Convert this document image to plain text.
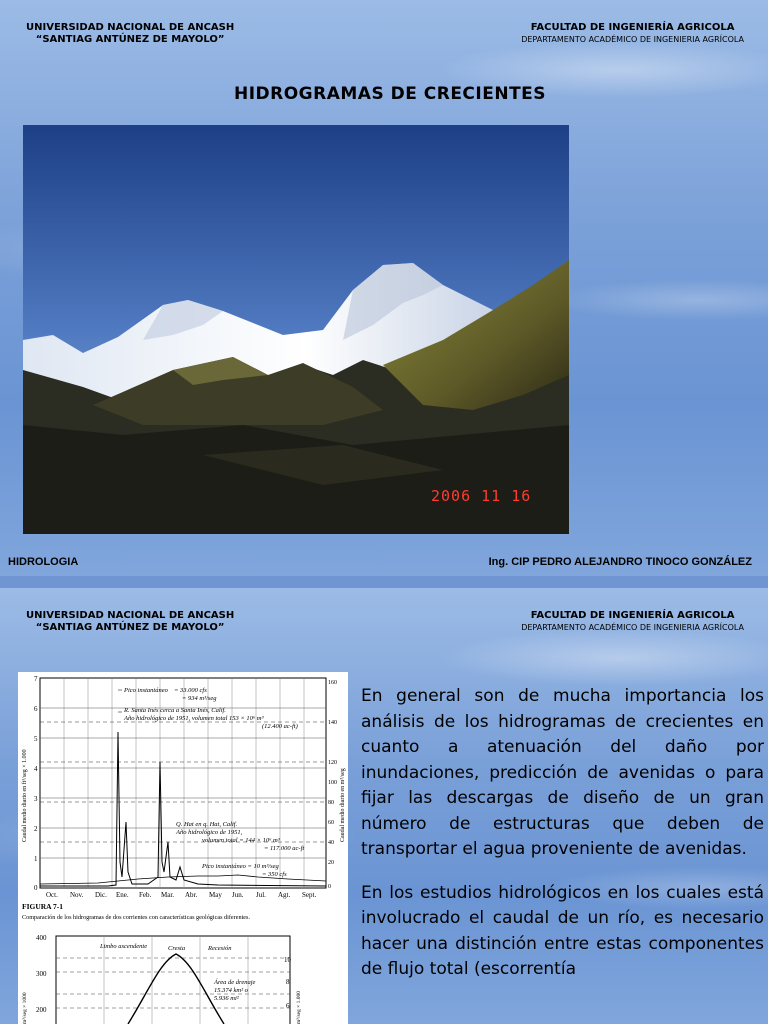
UNIVERSIDAD NACIONAL DE ANCASH
“SANTIAG ANTÚNEZ DE MAYOLO”
FACULTAD DE INGENIERÍA AGRICOLA
DEPARTAMENTO ACADÉMICO DE INGENIERIA AGRÍCOLA
HIDROGRAMAS DE CRECIENTES
2006 11 16
HIDROLOGIA	Ing. CIP PEDRO ALEJANDRO TINOCO GONZÁLEZ
UNIVERSIDAD NACIONAL DE ANCASH
“SANTIAG ANTÚNEZ DE MAYOLO”
FACULTAD DE INGENIERÍA AGRICOLA
DEPARTAMENTO ACADÉMICO DE INGENIERIA AGRÍCOLA
7
6
5
4
3
2
1
0
160
140
120
100
80
60
40
20
0
Caudal medio diario en ft³/seg × 1.000	Caudal medio diario en m³/seg
Oct. Nov. Dic. Ene. Feb. Mar. Abr. May Jun. Jul. Agt. Sept.
Pico instantáneo = 33.000 cfs
= 934 m³/seg
R. Santa Inés cerca a Santa Inés, Calif.
Año hidrológico de 1951, volumen total 153 × 10⁶ m³
(12.400 ac-ft)
Q. Hat en q. Hat, Calif.
Año hidrológico de 1951,
volumen total = 144 × 10⁶ m³
= 117.000 ac-ft
Pico instantáneo = 10 m³/seg
= 350 cfs
FIGURA 7-1
Comparación de los hidrogramas de dos corrientes con características geológicas diferentes.
400
300
200
10
8
6
m³/seg × 1000	m³/seg × 1.000
Limbo ascendente	Cresta	Recesión
Área de drenaje
15.374 km² o
5.936 mi²

En general son de mucha importancia los análisis de los hidrogramas de crecientes en cuanto a atenuación del daño por inundaciones, predicción de avenidas o para fijar las descargas de diseño de un gran número de estructuras que deben de transportar el agua proveniente de avenidas.

En los estudios hidrológicos en los cuales está involucrado el caudal de un río, es necesario hacer una distinción entre estas componentes de flujo total (escorrentía
